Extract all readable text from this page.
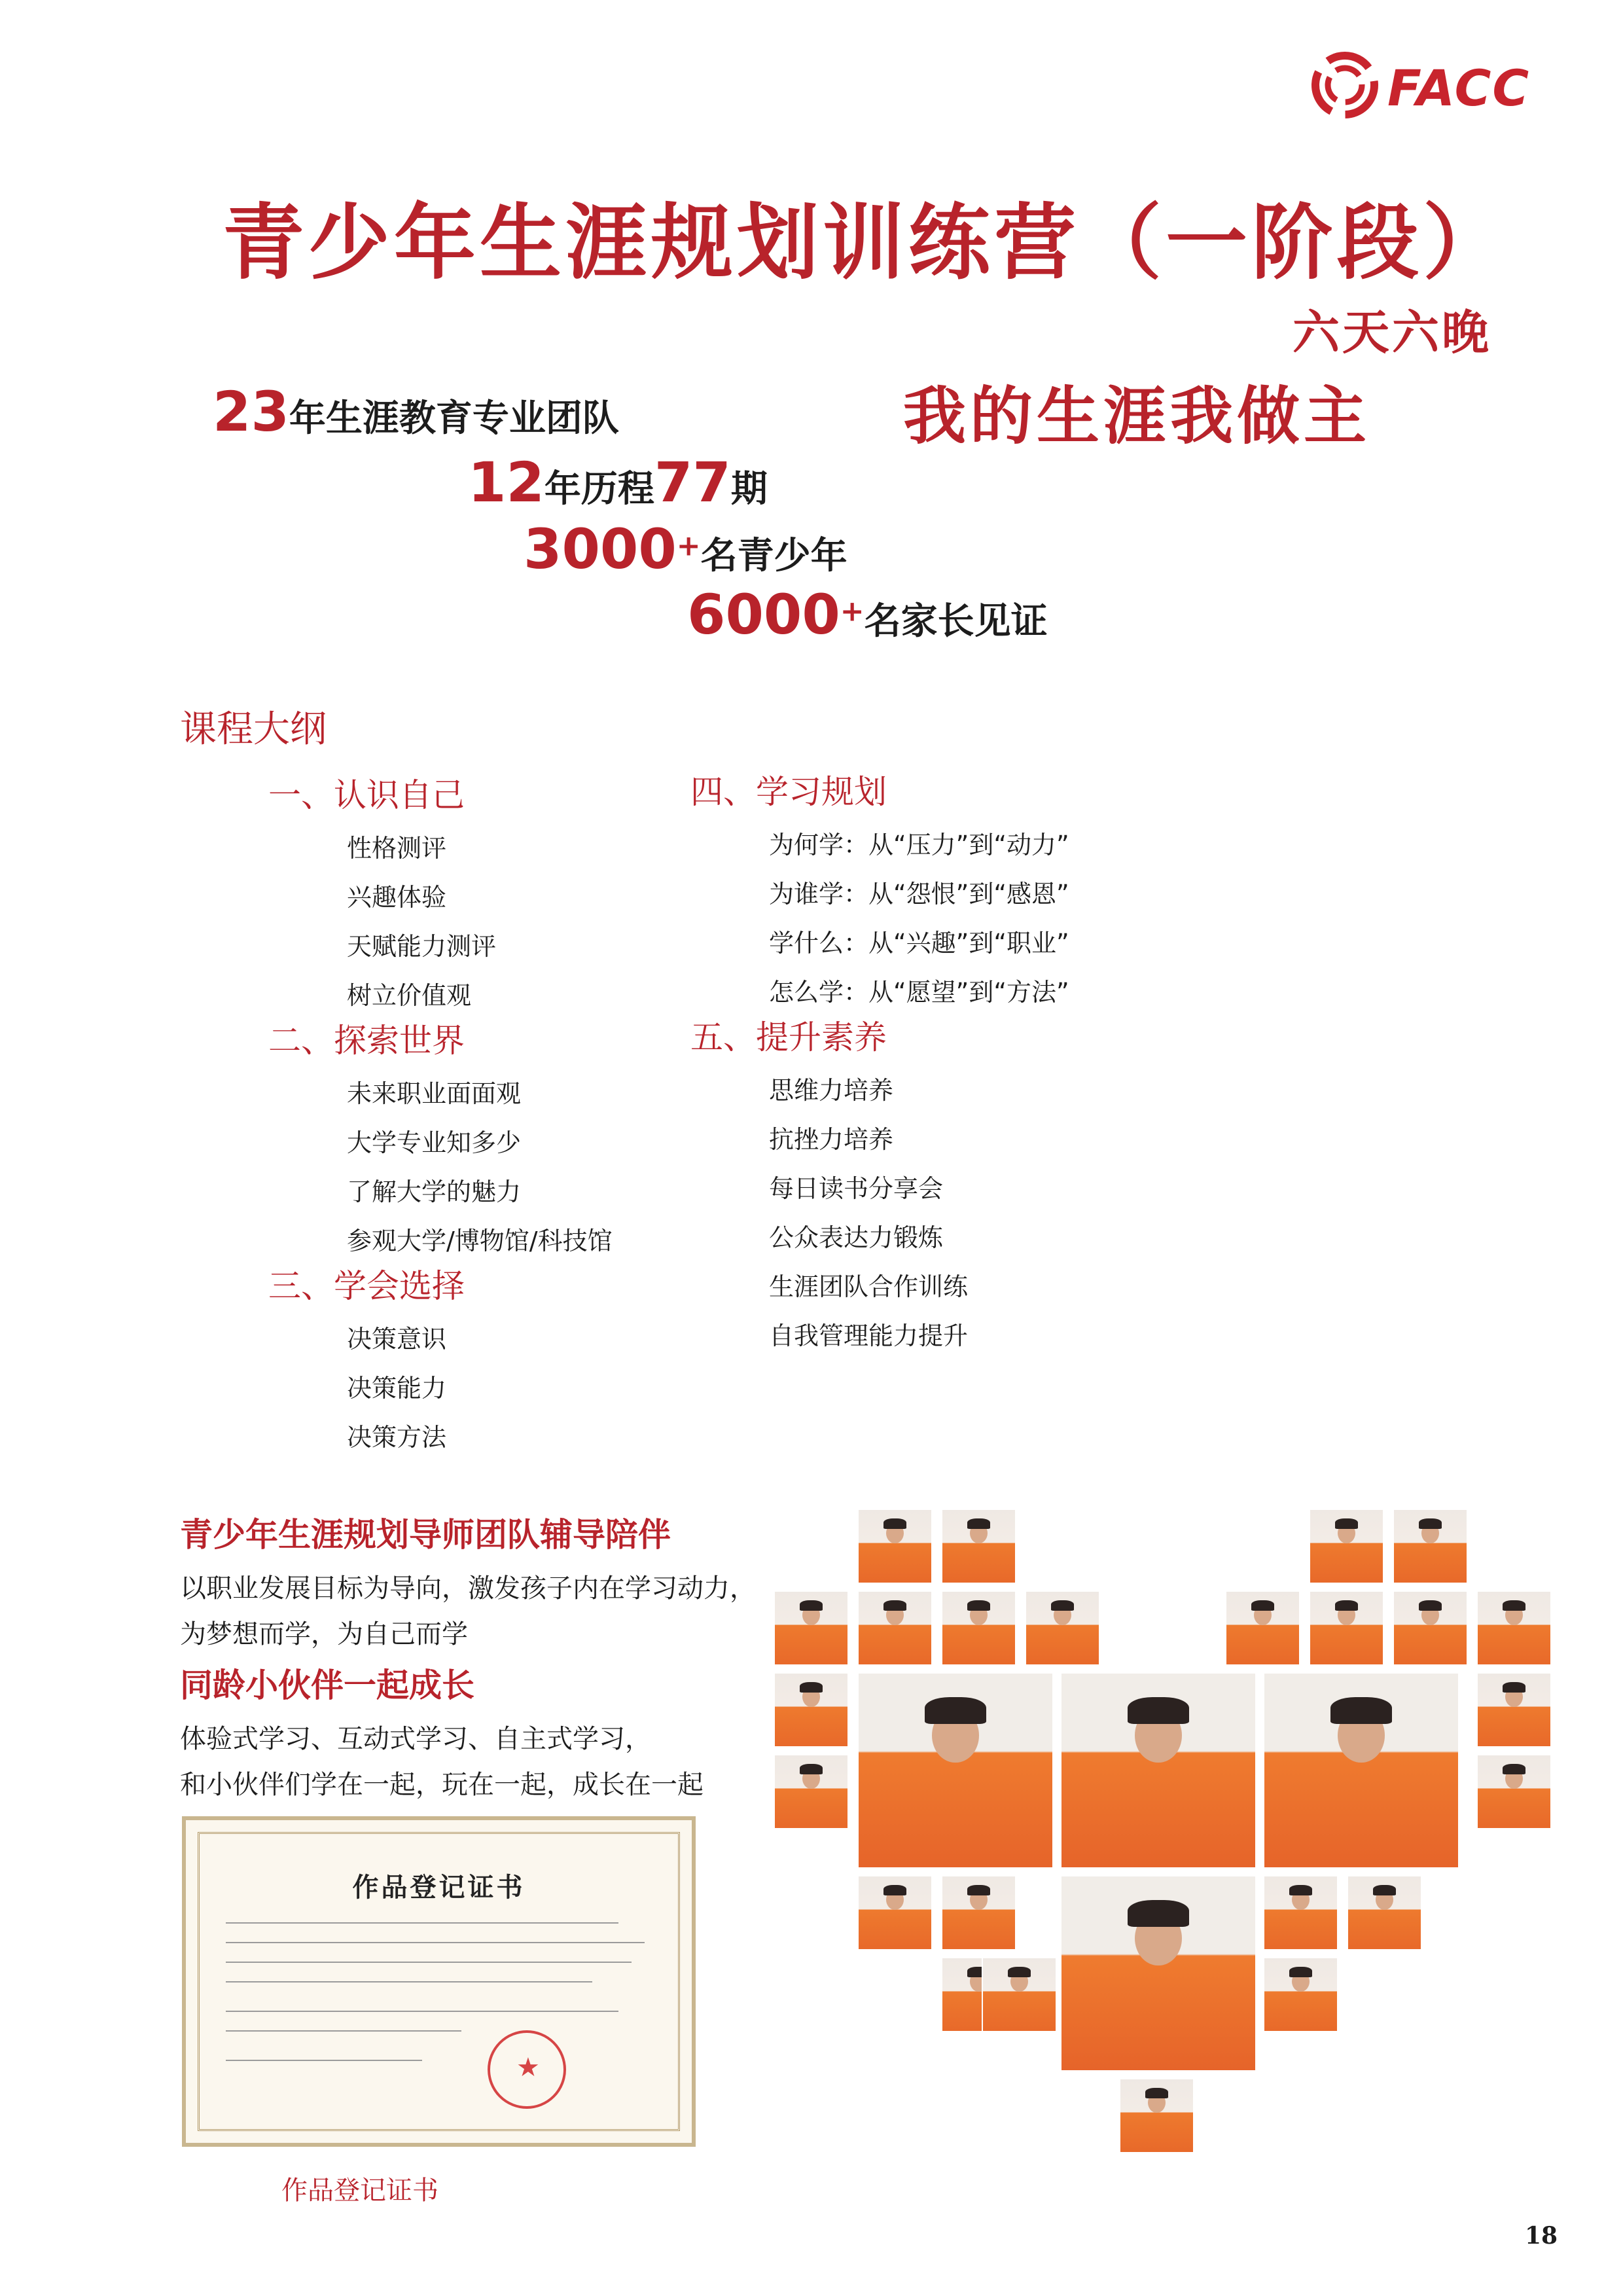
FACC
青少年生涯规划训练营（一阶段）
六天六晚
我的生涯我做主
23年生涯教育专业团队
12年历程77期
3000+名青少年
6000+名家长见证
课程大纲
一、认识自己
性格测评
兴趣体验
天赋能力测评
树立价值观
二、探索世界
未来职业面面观
大学专业知多少
了解大学的魅力
参观大学/博物馆/科技馆
三、学会选择
决策意识
决策能力
决策方法
四、学习规划
为何学：从“压力”到“动力”
为谁学：从“怨恨”到“感恩”
学什么：从“兴趣”到“职业”
怎么学：从“愿望”到“方法”
五、提升素养
思维力培养
抗挫力培养
每日读书分享会
公众表达力锻炼
生涯团队合作训练
自我管理能力提升
青少年生涯规划导师团队辅导陪伴
以职业发展目标为导向，激发孩子内在学习动力，
为梦想而学，为自己而学
同龄小伙伴一起成长
体验式学习、互动式学习、自主式学习，
和小伙伴们学在一起，玩在一起，成长在一起
作品登记证书
★
作品登记证书
18
